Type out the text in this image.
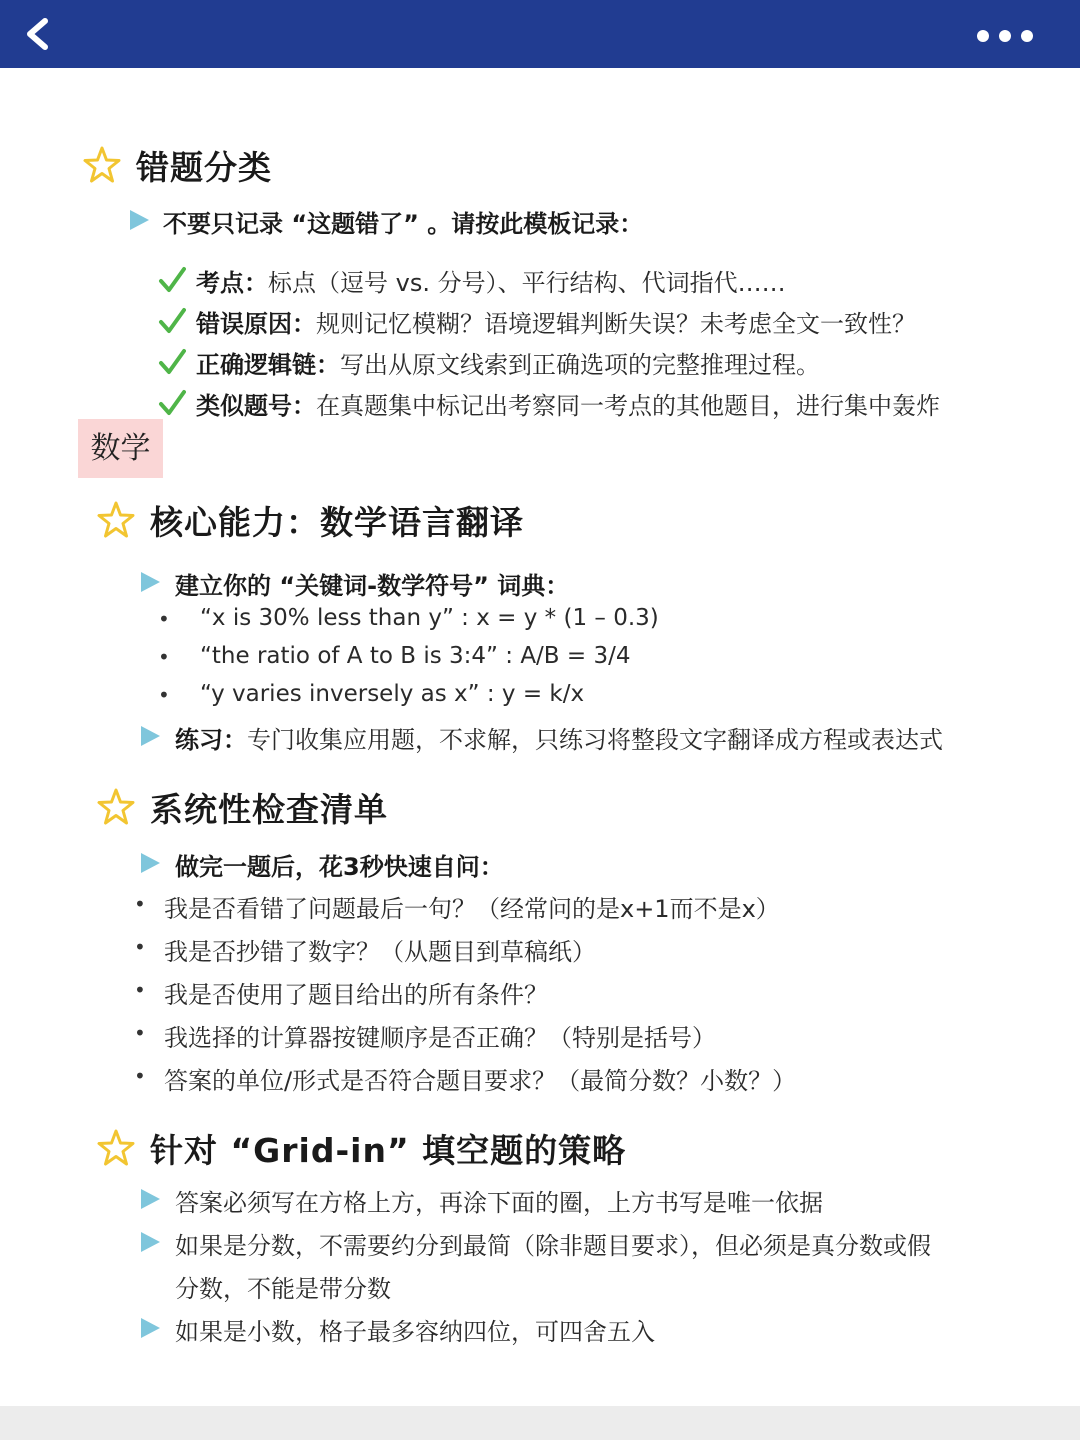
错题分类
不要只记录 “这题错了” 。请按此模板记录：
考点：标点（逗号 vs. 分号）、平行结构、代词指代……
错误原因：规则记忆模糊？语境逻辑判断失误？未考虑全文一致性？
正确逻辑链：写出从原文线索到正确选项的完整推理过程。
类似题号：在真题集中标记出考察同一考点的其他题目，进行集中轰炸
数学
核心能力：数学语言翻译
建立你的 “关键词-数学符号” 词典：
• “x is 30% less than y” : x = y * (1 – 0.3)
• “the ratio of A to B is 3:4” : A/B = 3/4
• “y varies inversely as x” : y = k/x
练习：专门收集应用题，不求解，只练习将整段文字翻译成方程或表达式
系统性检查清单
做完一题后，花3秒快速自问：
• 我是否看错了问题最后一句？（经常问的是x+1而不是x）
• 我是否抄错了数字？（从题目到草稿纸）
• 我是否使用了题目给出的所有条件？
• 我选择的计算器按键顺序是否正确？（特别是括号）
• 答案的单位/形式是否符合题目要求？（最简分数？小数？）
针对 “Grid-in” 填空题的策略
答案必须写在方格上方，再涂下面的圈，上方书写是唯一依据
如果是分数，不需要约分到最简（除非题目要求），但必须是真分数或假
分数，不能是带分数
如果是小数，格子最多容纳四位，可四舍五入
